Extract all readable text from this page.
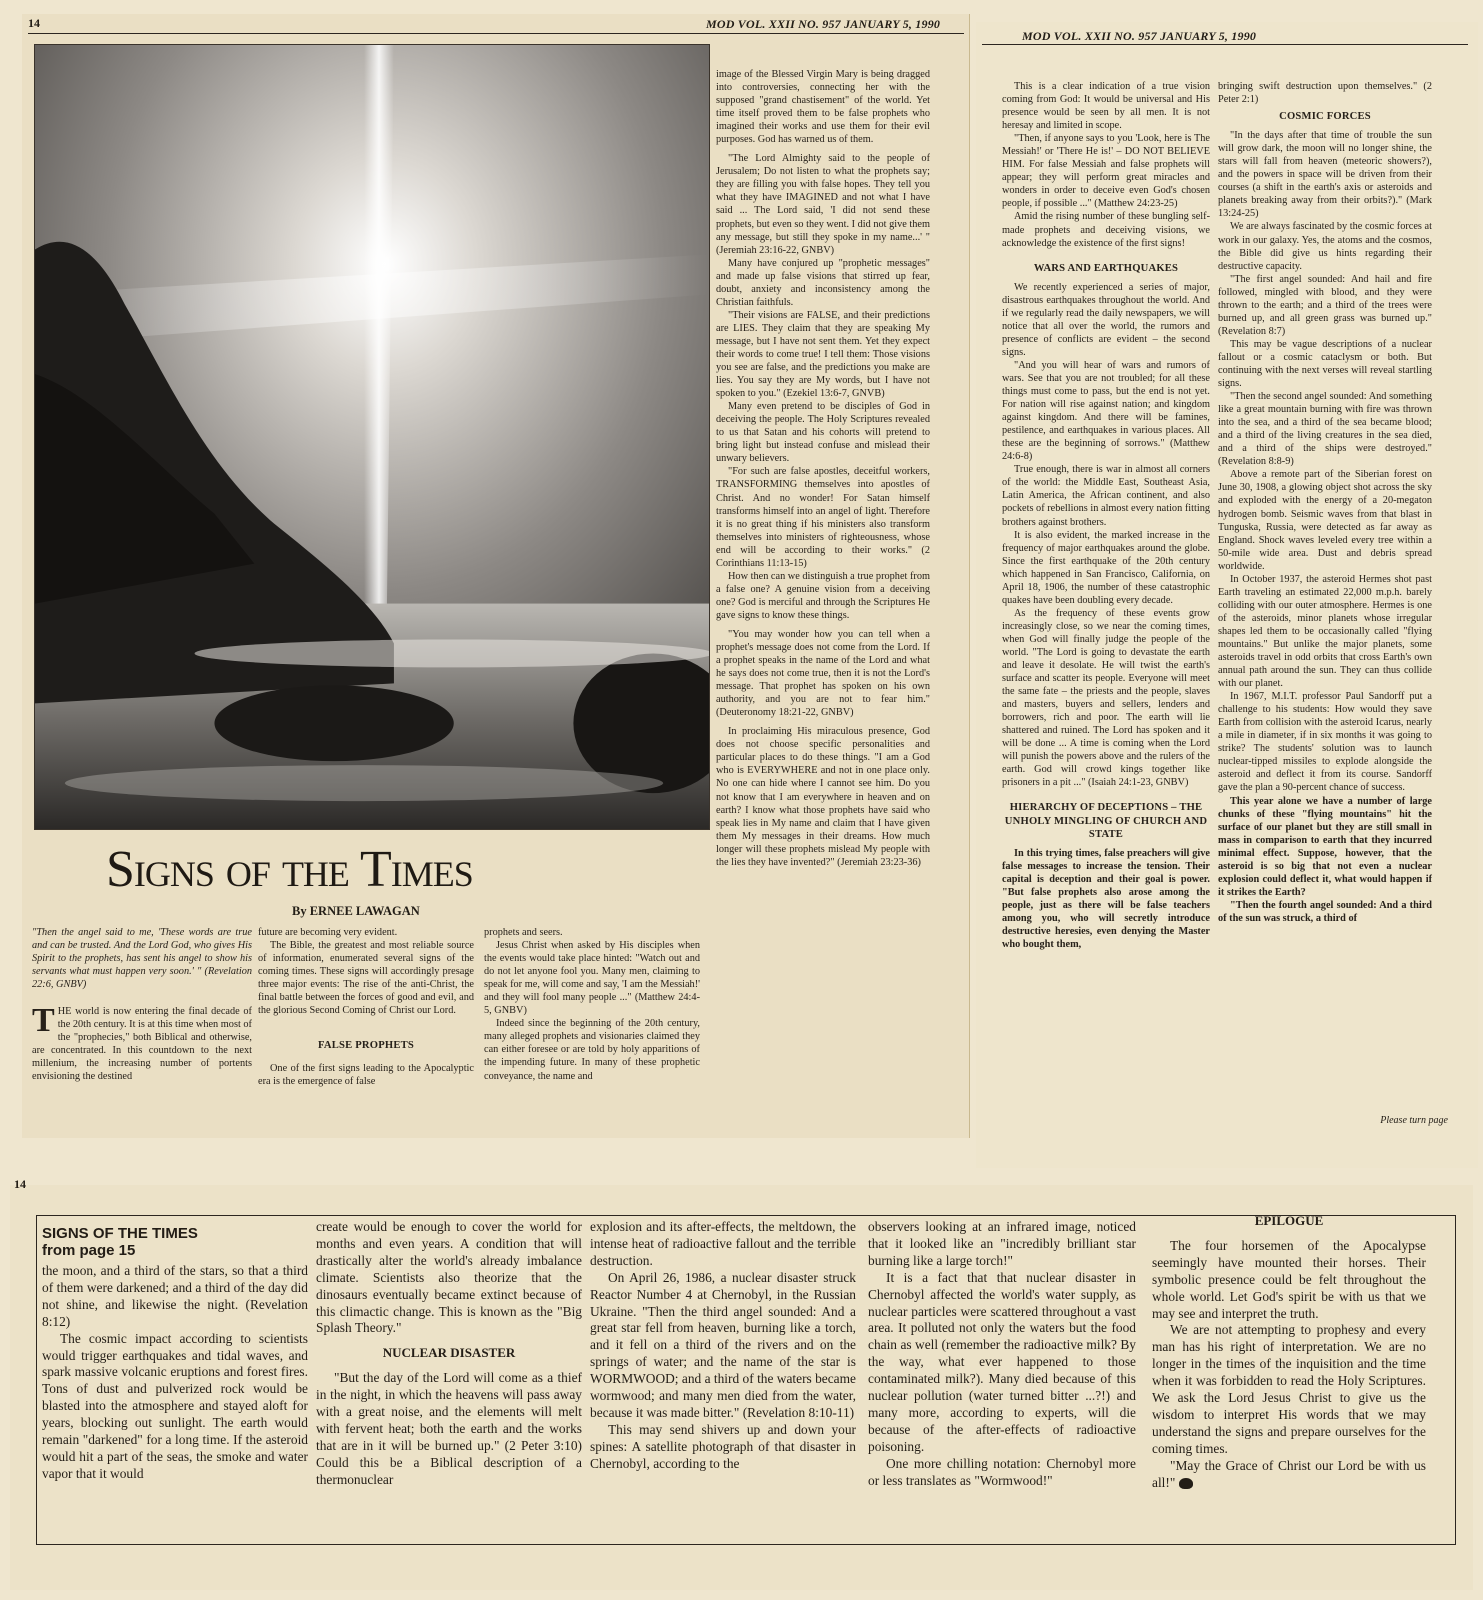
14	MOD VOL. XXII NO. 957 JANUARY 5, 1990
Signs of the Times
By ERNEE LAWAGAN

"Then the angel said to me, 'These words are true and can be trusted. And the Lord God, who gives His Spirit to the prophets, has sent his angel to show his servants what must happen very soon.' " (Revelation 22:6, GNBV)

THE world is now entering the final decade of the 20th century. It is at this time when most of the "prophecies," both Biblical and otherwise, are concentrated. In this countdown to the next millenium, the increasing number of portents envisioning the destined

future are becoming very evident.

The Bible, the greatest and most reliable source of information, enumerated several signs of the coming times. These signs will accordingly presage three major events: The rise of the anti-Christ, the final battle between the forces of good and evil, and the glorious Second Coming of Christ our Lord.

FALSE PROPHETS

One of the first signs leading to the Apocalyptic era is the emergence of false

prophets and seers.

Jesus Christ when asked by His disciples when the events would take place hinted: "Watch out and do not let anyone fool you. Many men, claiming to speak for me, will come and say, 'I am the Messiah!' and they will fool many people ..." (Matthew 24:4-5, GNBV)

Indeed since the beginning of the 20th century, many alleged prophets and visionaries claimed they can either foresee or are told by holy apparitions of the impending future. In many of these prophetic conveyance, the name and

image of the Blessed Virgin Mary is being dragged into controversies, connecting her with the supposed "grand chastisement" of the world. Yet time itself proved them to be false prophets who imagined their works and use them for their evil purposes. God has warned us of them.

"The Lord Almighty said to the people of Jerusalem; Do not listen to what the prophets say; they are filling you with false hopes. They tell you what they have IMAGINED and not what I have said ... The Lord said, 'I did not send these prophets, but even so they went. I did not give them any message, but still they spoke in my name...' " (Jeremiah 23:16-22, GNBV)

Many have conjured up "prophetic messages" and made up false visions that stirred up fear, doubt, anxiety and inconsistency among the Christian faithfuls.

"Their visions are FALSE, and their predictions are LIES. They claim that they are speaking My message, but I have not sent them. Yet they expect their words to come true! I tell them: Those visions you see are false, and the predictions you make are lies. You say they are My words, but I have not spoken to you." (Ezekiel 13:6-7, GNVB)

Many even pretend to be disciples of God in deceiving the people. The Holy Scriptures revealed to us that Satan and his cohorts will pretend to bring light but instead confuse and mislead their unwary believers.

"For such are false apostles, deceitful workers, TRANSFORMING themselves into apostles of Christ. And no wonder! For Satan himself transforms himself into an angel of light. Therefore it is no great thing if his ministers also transform themselves into ministers of righteousness, whose end will be according to their works." (2 Corinthians 11:13-15)

How then can we distinguish a true prophet from a false one? A genuine vision from a deceiving one? God is merciful and through the Scriptures He gave signs to know these things.

"You may wonder how you can tell when a prophet's message does not come from the Lord. If a prophet speaks in the name of the Lord and what he says does not come true, then it is not the Lord's message. That prophet has spoken on his own authority, and you are not to fear him." (Deuteronomy 18:21-22, GNBV)

In proclaiming His miraculous presence, God does not choose specific personalities and particular places to do these things. "I am a God who is EVERYWHERE and not in one place only. No one can hide where I cannot see him. Do you not know that I am everywhere in heaven and on earth? I know what those prophets have said who speak lies in My name and claim that I have given them My messages in their dreams. How much longer will these prophets mislead My people with the lies they have invented?" (Jeremiah 23:23-36)

MOD VOL. XXII NO. 957 JANUARY 5, 1990

This is a clear indication of a true vision coming from God: It would be universal and His presence would be seen by all men. It is not heresay and limited in scope.

"Then, if anyone says to you 'Look, here is The Messiah!' or 'There He is!' – DO NOT BELIEVE HIM. For false Messiah and false prophets will appear; they will perform great miracles and wonders in order to deceive even God's chosen people, if possible ..." (Matthew 24:23-25)

Amid the rising number of these bungling self-made prophets and deceiving visions, we acknowledge the existence of the first signs!

WARS AND EARTHQUAKES

We recently experienced a series of major, disastrous earthquakes throughout the world. And if we regularly read the daily newspapers, we will notice that all over the world, the rumors and presence of conflicts are evident – the second signs.

"And you will hear of wars and rumors of wars. See that you are not troubled; for all these things must come to pass, but the end is not yet. For nation will rise against nation; and kingdom against kingdom. And there will be famines, pestilence, and earthquakes in various places. All these are the beginning of sorrows." (Matthew 24:6-8)

True enough, there is war in almost all corners of the world: the Middle East, Southeast Asia, Latin America, the African continent, and also pockets of rebellions in almost every nation fitting brothers against brothers.

It is also evident, the marked increase in the frequency of major earthquakes around the globe. Since the first earthquake of the 20th century which happened in San Francisco, California, on April 18, 1906, the number of these catastrophic quakes have been doubling every decade.

As the frequency of these events grow increasingly close, so we near the coming times, when God will finally judge the people of the world. "The Lord is going to devastate the earth and leave it desolate. He will twist the earth's surface and scatter its people. Everyone will meet the same fate – the priests and the people, slaves and masters, buyers and sellers, lenders and borrowers, rich and poor. The earth will lie shattered and ruined. The Lord has spoken and it will be done ... A time is coming when the Lord will punish the powers above and the rulers of the earth. God will crowd kings together like prisoners in a pit ..." (Isaiah 24:1-23, GNBV)

HIERARCHY OF DECEPTIONS – THE UNHOLY MINGLING OF CHURCH AND STATE

In this trying times, false preachers will give false messages to increase the tension. Their capital is deception and their goal is power. "But false prophets also arose among the people, just as there will be false teachers among you, who will secretly introduce destructive heresies, even denying the Master who bought them,

bringing swift destruction upon themselves." (2 Peter 2:1)

COSMIC FORCES

"In the days after that time of trouble the sun will grow dark, the moon will no longer shine, the stars will fall from heaven (meteoric showers?), and the powers in space will be driven from their courses (a shift in the earth's axis or asteroids and planets breaking away from their orbits?)." (Mark 13:24-25)

We are always fascinated by the cosmic forces at work in our galaxy. Yes, the atoms and the cosmos, the Bible did give us hints regarding their destructive capacity.

"The first angel sounded: And hail and fire followed, mingled with blood, and they were thrown to the earth; and a third of the trees were burned up, and all green grass was burned up." (Revelation 8:7)

This may be vague descriptions of a nuclear fallout or a cosmic cataclysm or both. But continuing with the next verses will reveal startling signs.

"Then the second angel sounded: And something like a great mountain burning with fire was thrown into the sea, and a third of the sea became blood; and a third of the living creatures in the sea died, and a third of the ships were destroyed." (Revelation 8:8-9)

Above a remote part of the Siberian forest on June 30, 1908, a glowing object shot across the sky and exploded with the energy of a 20-megaton hydrogen bomb. Seismic waves from that blast in Tunguska, Russia, were detected as far away as England. Shock waves leveled every tree within a 50-mile wide area. Dust and debris spread worldwide.

In October 1937, the asteroid Hermes shot past Earth traveling an estimated 22,000 m.p.h. barely colliding with our outer atmosphere. Hermes is one of the asteroids, minor planets whose irregular shapes led them to be occasionally called "flying mountains." But unlike the major planets, some asteroids travel in odd orbits that cross Earth's own annual path around the sun. They can thus collide with our planet.

In 1967, M.I.T. professor Paul Sandorff put a challenge to his students: How would they save Earth from collision with the asteroid Icarus, nearly a mile in diameter, if in six months it was going to strike? The students' solution was to launch nuclear-tipped missiles to explode alongside the asteroid and deflect it from its course. Sandorff gave the plan a 90-percent chance of success.

This year alone we have a number of large chunks of these "flying mountains" hit the surface of our planet but they are still small in mass in comparison to earth that they incurred minimal effect. Suppose, however, that the asteroid is so big that not even a nuclear explosion could deflect it, what would happen if it strikes the Earth?

"Then the fourth angel sounded: And a third of the sun was struck, a third of

Please turn page
14
SIGNS OF THE TIMES
from page 15

the moon, and a third of the stars, so that a third of them were darkened; and a third of the day did not shine, and likewise the night. (Revelation 8:12)

The cosmic impact according to scientists would trigger earthquakes and tidal waves, and spark massive volcanic eruptions and forest fires. Tons of dust and pulverized rock would be blasted into the atmosphere and stayed aloft for years, blocking out sunlight. The earth would remain "darkened" for a long time. If the asteroid would hit a part of the seas, the smoke and water vapor that it would

create would be enough to cover the world for months and even years. A condition that will drastically alter the world's already imbalance climate. Scientists also theorize that the dinosaurs eventually became extinct because of this climactic change. This is known as the "Big Splash Theory."

NUCLEAR DISASTER

"But the day of the Lord will come as a thief in the night, in which the heavens will pass away with a great noise, and the elements will melt with fervent heat; both the earth and the works that are in it will be burned up." (2 Peter 3:10) Could this be a Biblical description of a thermonuclear

explosion and its after-effects, the meltdown, the intense heat of radioactive fallout and the terrible destruction.

On April 26, 1986, a nuclear disaster struck Reactor Number 4 at Chernobyl, in the Russian Ukraine. "Then the third angel sounded: And a great star fell from heaven, burning like a torch, and it fell on a third of the rivers and on the springs of water; and the name of the star is WORMWOOD; and a third of the waters became wormwood; and many men died from the water, because it was made bitter." (Revelation 8:10-11)

This may send shivers up and down your spines: A satellite photograph of that disaster in Chernobyl, according to the

observers looking at an infrared image, noticed that it looked like an "incredibly brilliant star burning like a large torch!"

It is a fact that that nuclear disaster in Chernobyl affected the world's water supply, as nuclear particles were scattered throughout a vast area. It polluted not only the waters but the food chain as well (remember the radioactive milk? By the way, what ever happened to those contaminated milk?). Many died because of this nuclear pollution (water turned bitter ...?!) and many more, according to experts, will die because of the after-effects of radioactive poisoning.

One more chilling notation: Chernobyl more or less translates as "Wormwood!"

EPILOGUE

The four horsemen of the Apocalypse seemingly have mounted their horses. Their symbolic presence could be felt throughout the whole world. Let God's spirit be with us that we may see and interpret the truth.

We are not attempting to prophesy and every man has his right of interpretation. We are no longer in the times of the inquisition and the time when it was forbidden to read the Holy Scriptures. We ask the Lord Jesus Christ to give us the wisdom to interpret His words that we may understand the signs and prepare ourselves for the coming times.

"May the Grace of Christ our Lord be with us all!"
